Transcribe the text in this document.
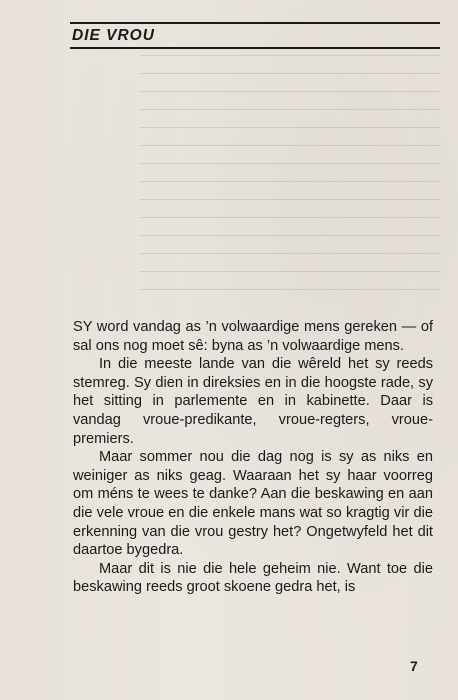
DIE VROU

SY word vandag as ’n volwaardige mens gereken — of sal ons nog moet sê: byna as ’n volwaardige mens.

In die meeste lande van die wêreld het sy reeds stemreg. Sy dien in direksies en in die hoogste rade, sy het sitting in parlemente en in kabinette. Daar is vandag vroue-predikante, vroue-regters, vroue-premiers.

Maar sommer nou die dag nog is sy as niks en weiniger as niks geag. Waaraan het sy haar voorreg om méns te wees te danke? Aan die beskawing en aan die vele vroue en die enkele mans wat so kragtig vir die erkenning van die vrou gestry het? Ongetwyfeld het dit daartoe bygedra.

Maar dit is nie die hele geheim nie. Want toe die beskawing reeds groot skoene gedra het, is

7
